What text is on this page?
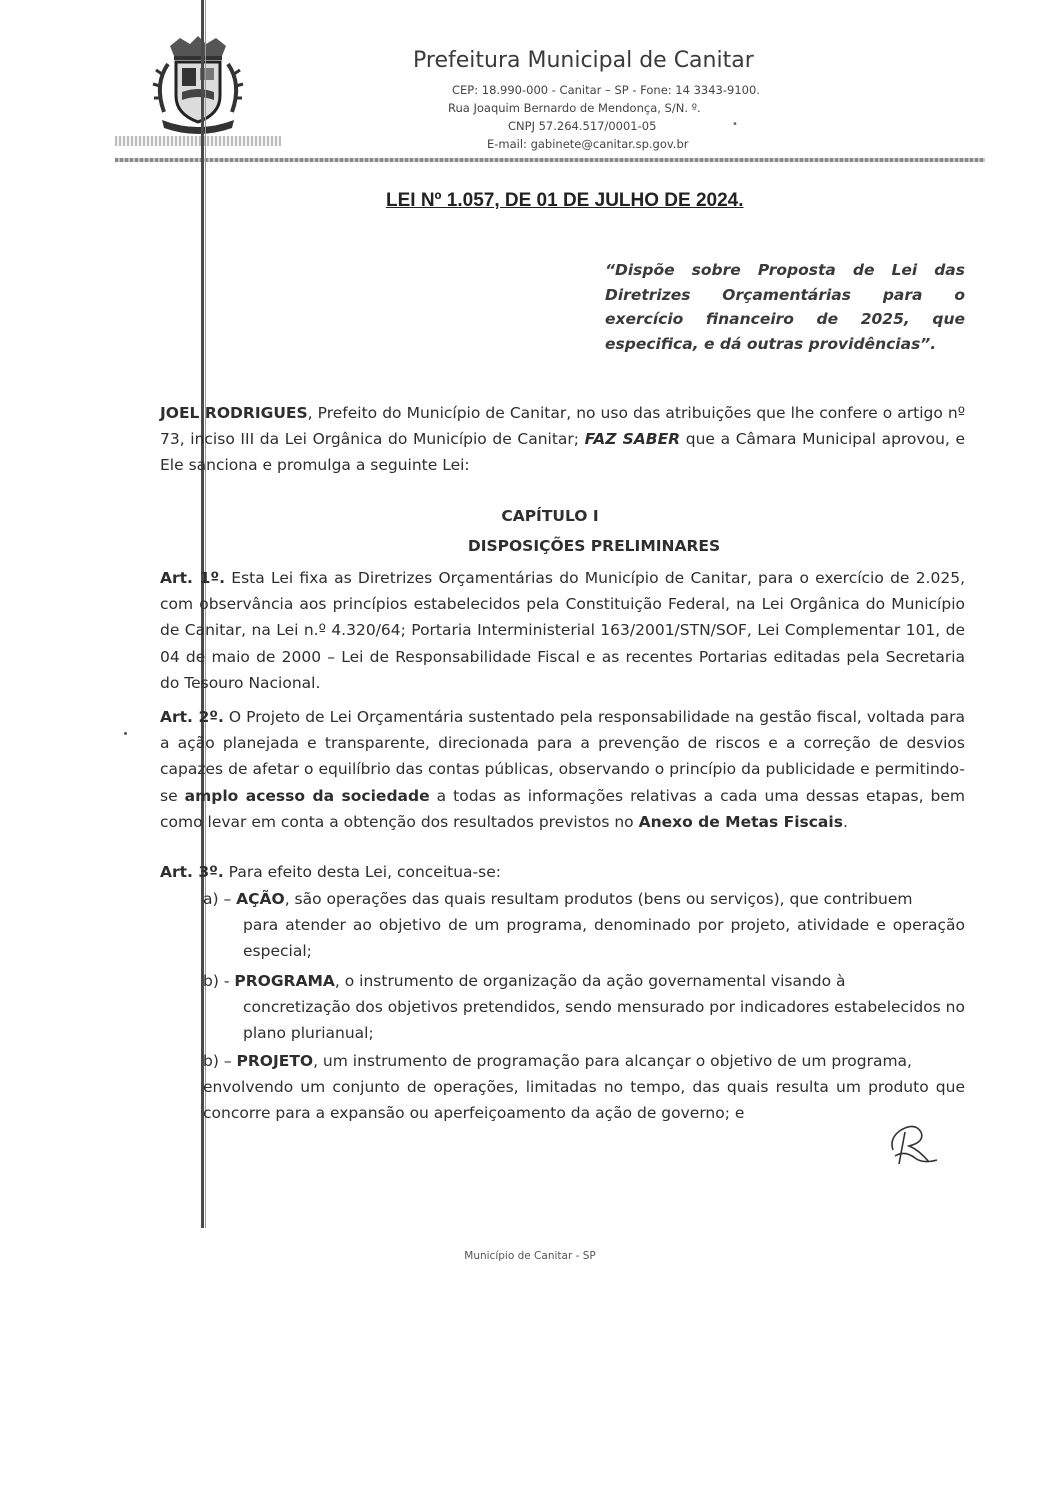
Prefeitura Municipal de Canitar
CEP: 18.990-000 - Canitar – SP - Fone: 14 3343-9100.
Rua Joaquim Bernardo de Mendonça, S/N. º.
CNPJ 57.264.517/0001-05	•
E-mail: gabinete@canitar.sp.gov.br
LEI Nº 1.057, DE 01 DE JULHO DE 2024.
“Dispõe sobre Proposta de Lei das Diretrizes Orçamentárias para o exercício financeiro de 2025, que especifica, e dá outras providências”.
JOEL RODRIGUES, Prefeito do Município de Canitar, no uso das atribuições que lhe confere o artigo nº 73, inciso III da Lei Orgânica do Município de Canitar; FAZ SABER que a Câmara Municipal aprovou, e Ele sanciona e promulga a seguinte Lei:
CAPÍTULO I
DISPOSIÇÕES PRELIMINARES
Art. 1º. Esta Lei fixa as Diretrizes Orçamentárias do Município de Canitar, para o exercício de 2.025, com observância aos princípios estabelecidos pela Constituição Federal, na Lei Orgânica do Município de Canitar, na Lei n.º 4.320/64; Portaria Interministerial 163/2001/STN/SOF, Lei Complementar 101, de 04 de maio de 2000 – Lei de Responsabilidade Fiscal e as recentes Portarias editadas pela Secretaria do Tesouro Nacional.
Art. 2º. O Projeto de Lei Orçamentária sustentado pela responsabilidade na gestão fiscal, voltada para a ação planejada e transparente, direcionada para a prevenção de riscos e a correção de desvios capazes de afetar o equilíbrio das contas públicas, observando o princípio da publicidade e permitindo-se amplo acesso da sociedade a todas as informações relativas a cada uma dessas etapas, bem como levar em conta a obtenção dos resultados previstos no Anexo de Metas Fiscais.
Art. 3º. Para efeito desta Lei, conceitua-se:
a) – AÇÃO, são operações das quais resultam produtos (bens ou serviços), que contribuem
para atender ao objetivo de um programa, denominado por projeto, atividade e operação especial;
b) - PROGRAMA, o instrumento de organização da ação governamental visando à
concretização dos objetivos pretendidos, sendo mensurado por indicadores estabelecidos no plano plurianual;
b) – PROJETO, um instrumento de programação para alcançar o objetivo de um programa,
envolvendo um conjunto de operações, limitadas no tempo, das quais resulta um produto que concorre para a expansão ou aperfeiçoamento da ação de governo; e
Município de Canitar - SP
